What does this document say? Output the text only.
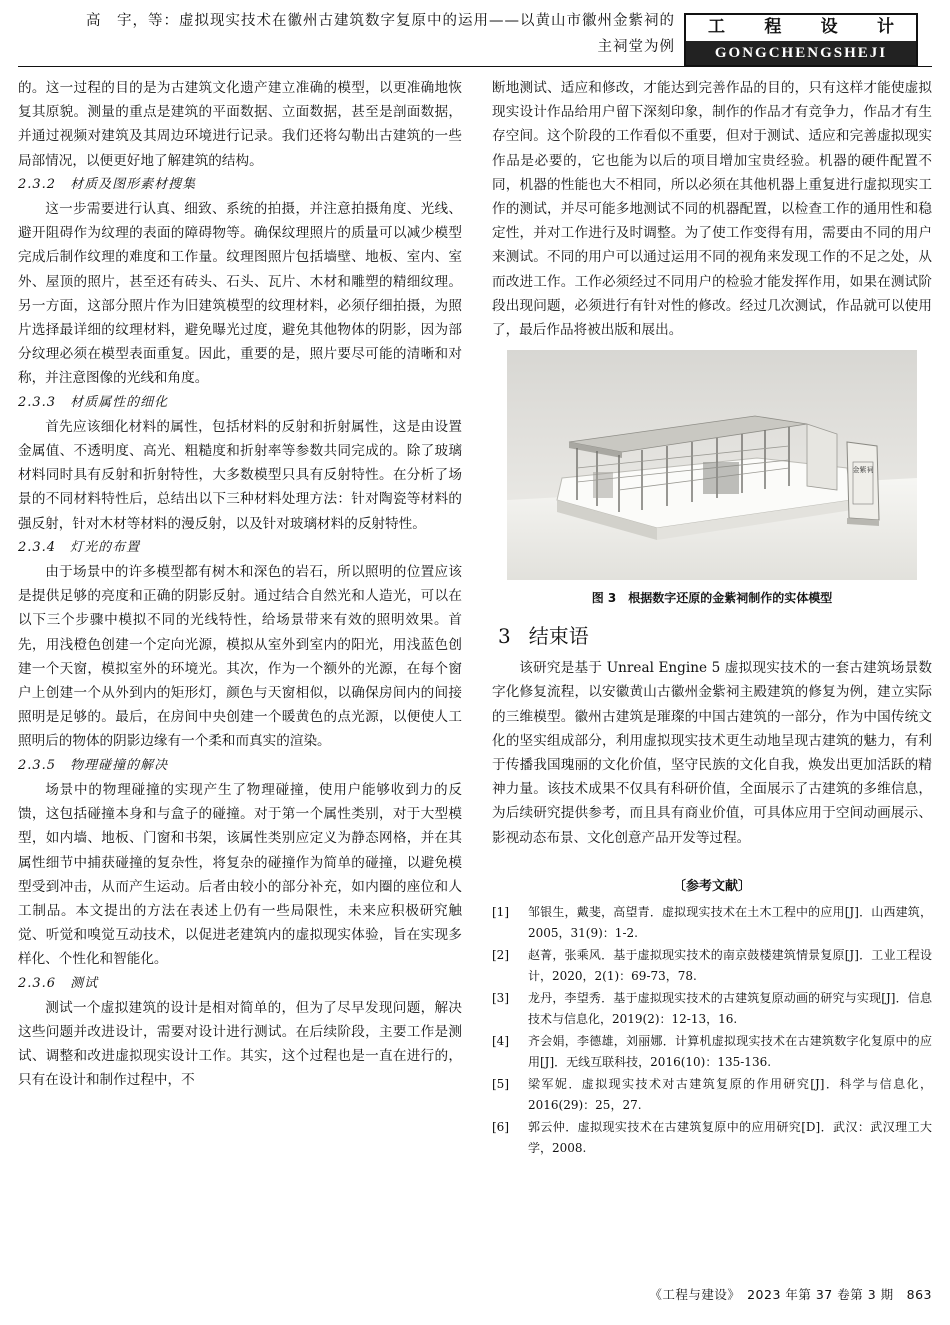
高　宇，等：虚拟现实技术在徽州古建筑数字复原中的运用——以黄山市徽州金紫祠的
主祠堂为例
工 程 设 计
GONGCHENGSHEJI

的。这一过程的目的是为古建筑文化遗产建立准确的模型，以更准确地恢复其原貌。测量的重点是建筑的平面数据、立面数据，甚至是剖面数据，并通过视频对建筑及其周边环境进行记录。我们还将勾勒出古建筑的一些局部情况，以便更好地了解建筑的结构。

2.3.2　材质及图形素材搜集

这一步需要进行认真、细致、系统的拍摄，并注意拍摄角度、光线、避开阻碍作为纹理的表面的障碍物等。确保纹理照片的质量可以减少模型完成后制作纹理的难度和工作量。纹理图照片包括墙壁、地板、室内、室外、屋顶的照片，甚至还有砖头、石头、瓦片、木材和雕塑的精细纹理。另一方面，这部分照片作为旧建筑模型的纹理材料，必须仔细拍摄，为照片选择最详细的纹理材料，避免曝光过度，避免其他物体的阴影，因为部分纹理必须在模型表面重复。因此，重要的是，照片要尽可能的清晰和对称，并注意图像的光线和角度。

2.3.3　材质属性的细化

首先应该细化材料的属性，包括材料的反射和折射属性，这是由设置金属值、不透明度、高光、粗糙度和折射率等参数共同完成的。除了玻璃材料同时具有反射和折射特性，大多数模型只具有反射特性。在分析了场景的不同材料特性后，总结出以下三种材料处理方法：针对陶瓷等材料的强反射，针对木材等材料的漫反射，以及针对玻璃材料的反射特性。

2.3.4　灯光的布置

由于场景中的许多模型都有树木和深色的岩石，所以照明的位置应该是提供足够的亮度和正确的阴影反射。通过结合自然光和人造光，可以在以下三个步骤中模拟不同的光线特性，给场景带来有效的照明效果。首先，用浅橙色创建一个定向光源，模拟从室外到室内的阳光，用浅蓝色创建一个天窗，模拟室外的环境光。其次，作为一个额外的光源，在每个窗户上创建一个从外到内的矩形灯，颜色与天窗相似，以确保房间内的间接照明是足够的。最后，在房间中央创建一个暖黄色的点光源，以便使人工照明后的物体的阴影边缘有一个柔和而真实的渲染。

2.3.5　物理碰撞的解决

场景中的物理碰撞的实现产生了物理碰撞，使用户能够收到力的反馈，这包括碰撞本身和与盒子的碰撞。对于第一个属性类别，对于大型模型，如内墙、地板、门窗和书架，该属性类别应定义为静态网格，并在其属性细节中捕获碰撞的复杂性，将复杂的碰撞作为简单的碰撞，以避免模型受到冲击，从而产生运动。后者由较小的部分补充，如内圈的座位和人工制品。本文提出的方法在表述上仍有一些局限性，未来应积极研究触觉、听觉和嗅觉互动技术，以促进老建筑内的虚拟现实体验，旨在实现多样化、个性化和智能化。

2.3.6　测试

测试一个虚拟建筑的设计是相对简单的，但为了尽早发现问题，解决这些问题并改进设计，需要对设计进行测试。在后续阶段，主要工作是测试、调整和改进虚拟现实设计工作。其实，这个过程也是一直在进行的，只有在设计和制作过程中，不

断地测试、适应和修改，才能达到完善作品的目的，只有这样才能使虚拟现实设计作品给用户留下深刻印象，制作的作品才有竞争力，作品才有生存空间。这个阶段的工作看似不重要，但对于测试、适应和完善虚拟现实作品是必要的，它也能为以后的项目增加宝贵经验。机器的硬件配置不同，机器的性能也大不相同，所以必须在其他机器上重复进行虚拟现实工作的测试，并尽可能多地测试不同的机器配置，以检查工作的通用性和稳定性，并对工作进行及时调整。为了使工作变得有用，需要由不同的用户来测试。不同的用户可以通过运用不同的视角来发现工作的不足之处，从而改进工作。工作必须经过不同用户的检验才能发挥作用，如果在测试阶段出现问题，必须进行有针对性的修改。经过几次测试，作品就可以使用了，最后作品将被出版和展出。

金紫祠
图 3　根据数字还原的金紫祠制作的实体模型
3 结束语

该研究是基于 Unreal Engine 5 虚拟现实技术的一套古建筑场景数字化修复流程，以安徽黄山古徽州金紫祠主殿建筑的修复为例，建立实际的三维模型。徽州古建筑是璀璨的中国古建筑的一部分，作为中国传统文化的坚实组成部分，利用虚拟现实技术更生动地呈现古建筑的魅力，有利于传播我国瑰丽的文化价值，坚守民族的文化自我，焕发出更加活跃的精神力量。该技术成果不仅具有科研价值，全面展示了古建筑的多维信息，为后续研究提供参考，而且具有商业价值，可具体应用于空间动画展示、影视动态布景、文化创意产品开发等过程。

〔参考文献〕
[1]	邹银生，戴斐，高望青．虚拟现实技术在土木工程中的应用[J]．山西建筑，2005，31(9)：1-2.
[2]	赵菁，张乘风．基于虚拟现实技术的南京鼓楼建筑情景复原[J]．工业工程设计，2020，2(1)：69-73，78.
[3]	龙丹，李望秀．基于虚拟现实技术的古建筑复原动画的研究与实现[J]．信息技术与信息化，2019(2)：12-13，16.
[4]	齐会娟，李德雄，刘丽娜．计算机虚拟现实技术在古建筑数字化复原中的应用[J]．无线互联科技，2016(10)：135-136.
[5]	梁军妮．虚拟现实技术对古建筑复原的作用研究[J]．科学与信息化，2016(29)：25，27.
[6]	郭云仲．虚拟现实技术在古建筑复原中的应用研究[D]．武汉：武汉理工大学，2008.
《工程与建设》　2023 年第 37 卷第 3 期　863
